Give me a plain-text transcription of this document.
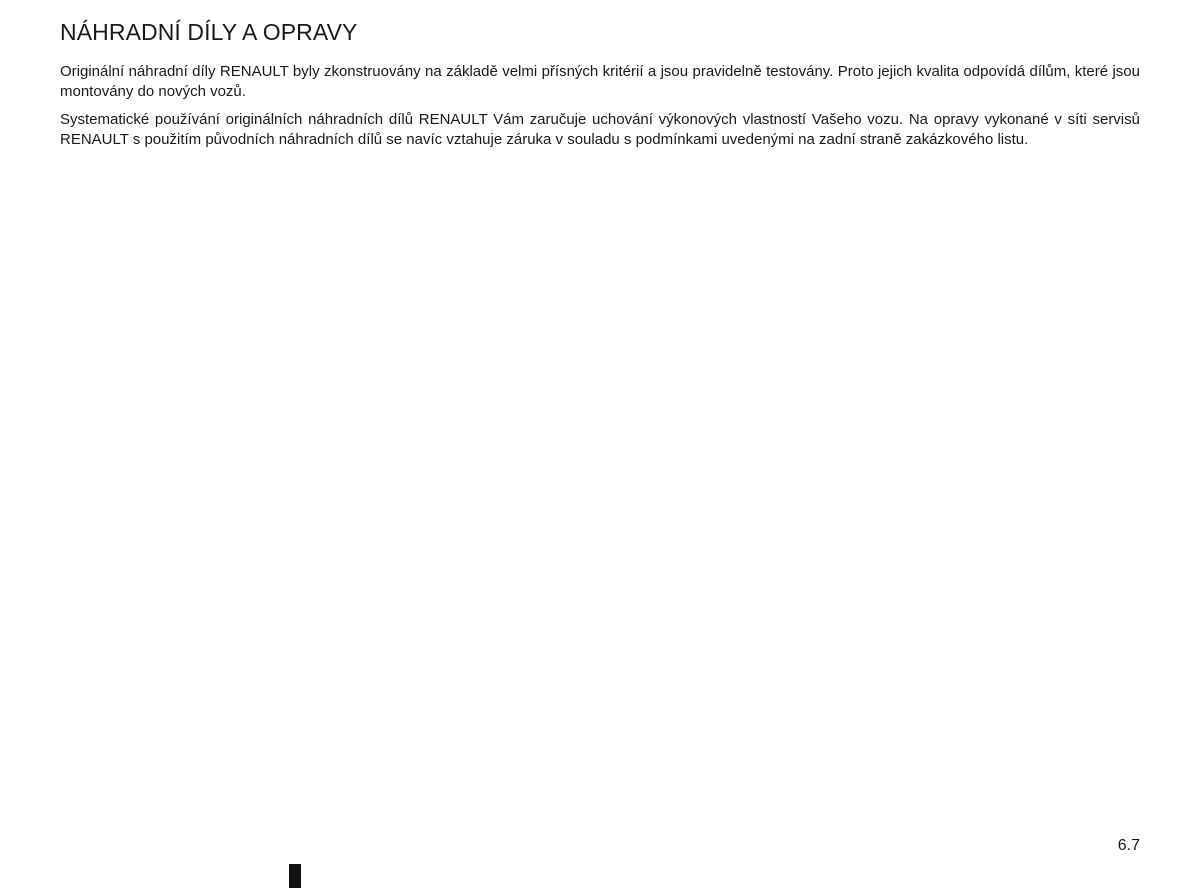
NÁHRADNÍ DÍLY A OPRAVY

Originální náhradní díly RENAULT byly zkonstruovány na základě velmi přísných kritérií a jsou pravidelně testovány. Proto jejich kvalita odpovídá dílům, které jsou montovány do nových vozů.

Systematické používání originálních náhradních dílů RENAULT Vám zaručuje uchování výkonových vlastností Vašeho vozu. Na opravy vykonané v síti servisů RENAULT s použitím původních náhradních dílů se navíc vztahuje záruka v souladu s podmínkami uvedenými na zadní straně zakázkového listu.

6.7
